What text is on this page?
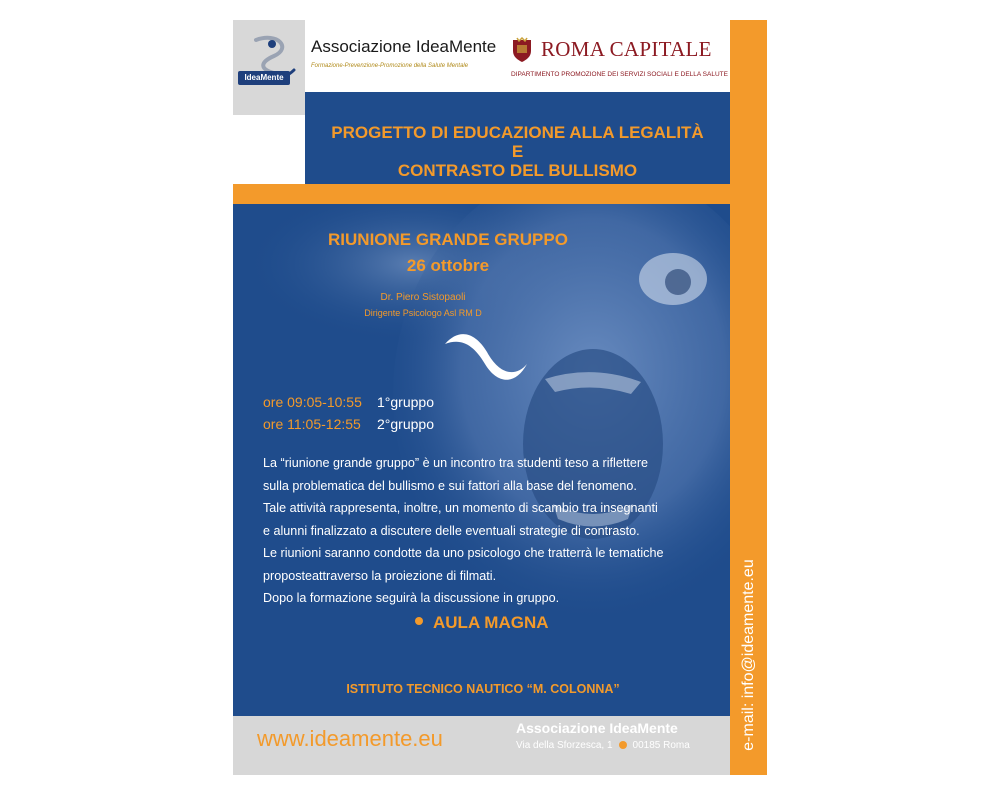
IdeaMente
Associazione IdeaMente
Formazione-Prevenzione-Promozione della Salute Mentale
ROMA CAPITALE
DIPARTIMENTO PROMOZIONE DEI SERVIZI SOCIALI E DELLA SALUTE
PROGETTO DI EDUCAZIONE ALLA LEGALITÀ
E
CONTRASTO DEL BULLISMO
RIUNIONE GRANDE GRUPPO
26 ottobre
Dr. Piero Sistopaoli
Dirigente Psicologo Asl RM D
ore 09:05-10:55 1°gruppo
ore 11:05-12:55 2°gruppo
La “riunione grande gruppo” è un incontro tra studenti teso a riflettere
sulla problematica del bullismo e sui fattori alla base del fenomeno.
Tale attività rappresenta, inoltre, un momento di scambio tra insegnanti
e alunni finalizzato a discutere delle eventuali strategie di contrasto.
Le riunioni saranno condotte da uno psicologo che tratterrà le tematiche
proposteattraverso la proiezione di filmati.
Dopo la formazione seguirà la discussione in gruppo.
AULA MAGNA
ISTITUTO TECNICO NAUTICO “M. COLONNA”
www.ideamente.eu	Associazione IdeaMente
Via della Sforzesca, 1 00185 Roma	e-mail: info@ideamente.eu
